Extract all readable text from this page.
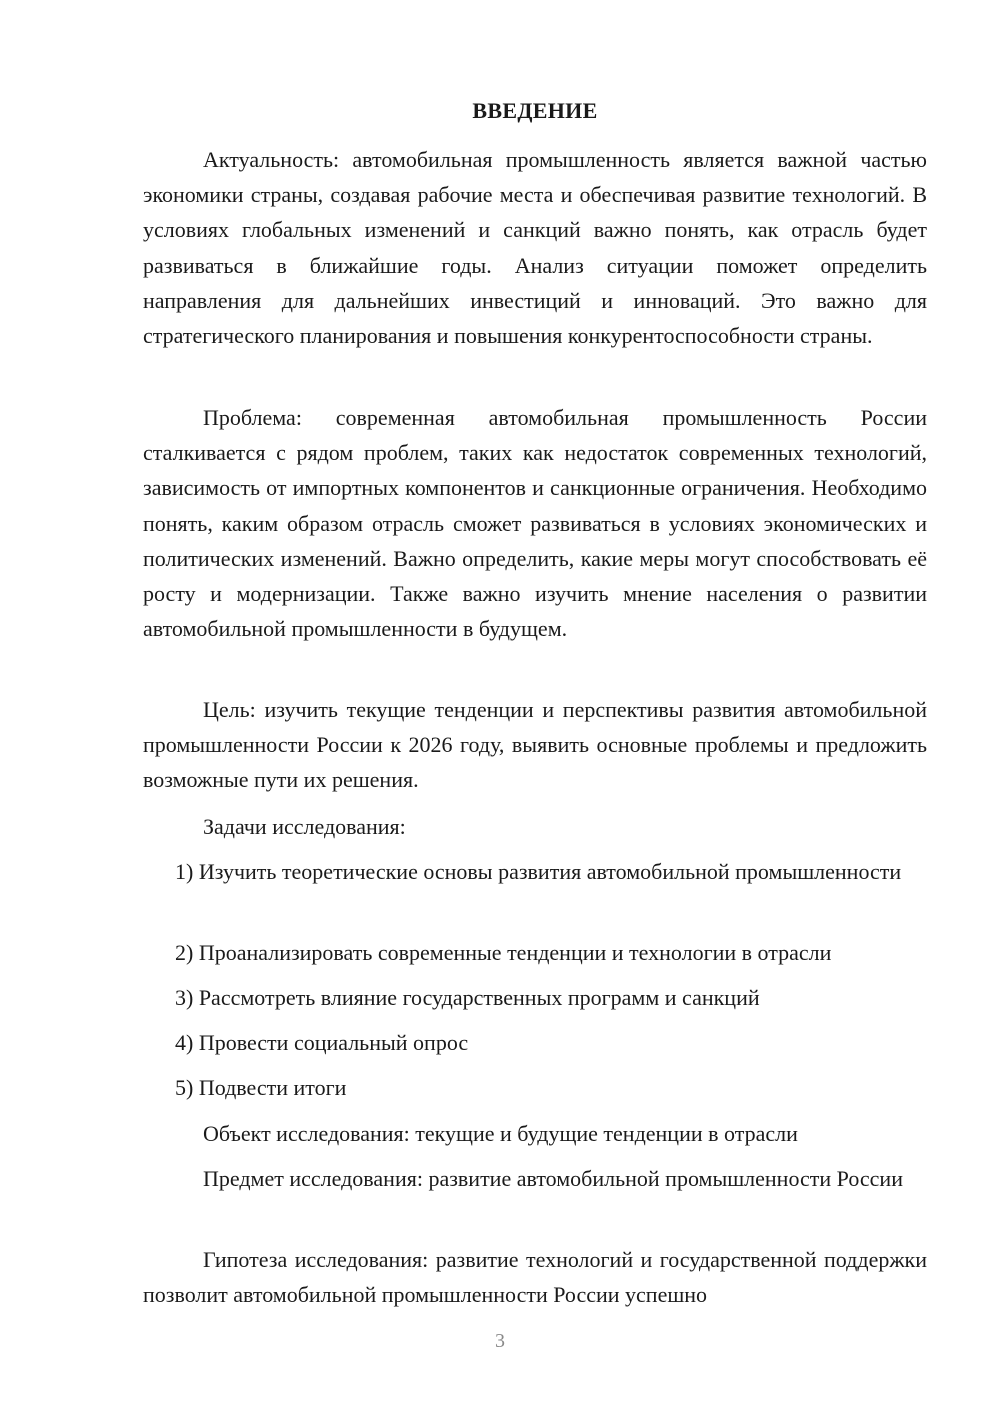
ВВЕДЕНИЕ

Актуальность: автомобильная промышленность является важной частью экономики страны, создавая рабочие места и обеспечивая развитие технологий. В условиях глобальных изменений и санкций важно понять, как отрасль будет развиваться в ближайшие годы. Анализ ситуации поможет определить направления для дальнейших инвестиций и инноваций. Это важно для стратегического планирования и повышения конкурентоспособности страны.

Проблема: современная автомобильная промышленность России сталкивается с рядом проблем, таких как недостаток современных технологий, зависимость от импортных компонентов и санкционные ограничения. Необходимо понять, каким образом отрасль сможет развиваться в условиях экономических и политических изменений. Важно определить, какие меры могут способствовать её росту и модернизации. Также важно изучить мнение населения о развитии автомобильной промышленности в будущем.

Цель: изучить текущие тенденции и перспективы развития автомобильной промышленности России к 2026 году, выявить основные проблемы и предложить возможные пути их решения.

Задачи исследования:

1) Изучить теоретические основы развития автомобильной промышленности

2) Проанализировать современные тенденции и технологии в отрасли

3) Рассмотреть влияние государственных программ и санкций

4) Провести социальный опрос

5) Подвести итоги

Объект исследования: текущие и будущие тенденции в отрасли

Предмет исследования: развитие автомобильной промышленности России

Гипотеза исследования: развитие технологий и государственной поддержки позволит автомобильной промышленности России успешно

3
